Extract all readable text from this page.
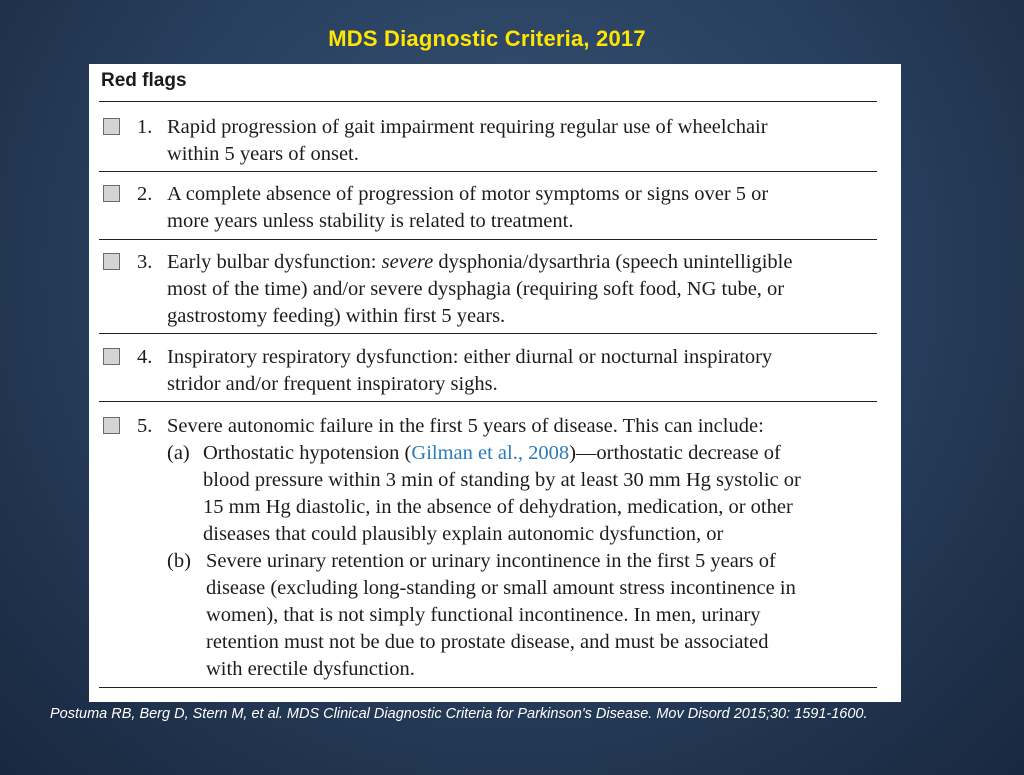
MDS Diagnostic Criteria, 2017
Red flags
1. Rapid progression of gait impairment requiring regular use of wheelchair

within 5 years of onset.

2. A complete absence of progression of motor symptoms or signs over 5 or

more years unless stability is related to treatment.

3. Early bulbar dysfunction: severe dysphonia/dysarthria (speech unintelligible

most of the time) and/or severe dysphagia (requiring soft food, NG tube, or

gastrostomy feeding) within first 5 years.

4. Inspiratory respiratory dysfunction: either diurnal or nocturnal inspiratory

stridor and/or frequent inspiratory sighs.

5. Severe autonomic failure in the first 5 years of disease. This can include:

(a) Orthostatic hypotension (Gilman et al., 2008)—orthostatic decrease of

blood pressure within 3 min of standing by at least 30 mm Hg systolic or

15 mm Hg diastolic, in the absence of dehydration, medication, or other

diseases that could plausibly explain autonomic dysfunction, or

(b) Severe urinary retention or urinary incontinence in the first 5 years of

disease (excluding long-standing or small amount stress incontinence in

women), that is not simply functional incontinence. In men, urinary

retention must not be due to prostate disease, and must be associated

with erectile dysfunction.

Postuma RB, Berg D, Stern M, et al. MDS Clinical Diagnostic Criteria for Parkinson's Disease. Mov Disord 2015;30: 1591-1600.
